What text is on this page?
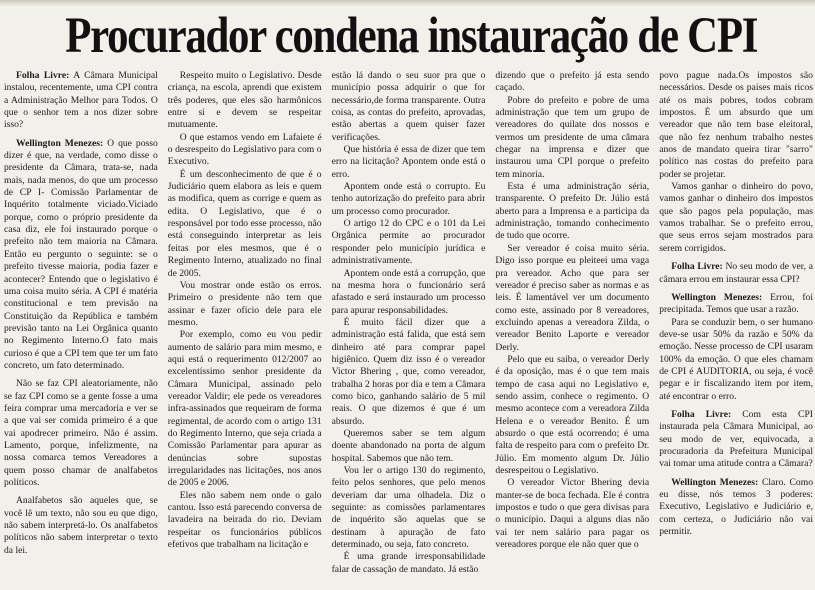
Procurador condena instauração de CPI

Folha Livre: A Câmara Municipal instalou, recentemente, uma CPI contra a Administração Melhor para Todos. O que o senhor tem a nos dizer sobre isso?

Wellington Menezes: O que posso dizer é que, na verdade, como disse o presidente da Câmara, trata-se, nada mais, nada menos, do que um processo de CP I- Comissão Parlamentar de Inquérito totalmente viciado.Viciado porque, como o próprio presidente da casa diz, ele foi instaurado porque o prefeito não tem maioria na Câmara. Então eu pergunto o seguinte: se o prefeito tivesse maioria, podia fazer e acontecer? Entendo que o legislativo é uma coisa muito séria. A CPI é matéria constitucional e tem previsão na Constituição da República e também previsão tanto na Lei Orgânica quanto no Regimento Interno.O fato mais curioso é que a CPI tem que ter um fato concreto, um fato determinado.

Não se faz CPI aleatoriamente, não se faz CPI como se a gente fosse a uma feira comprar uma mercadoria e ver se a que vai ser comida primeiro é a que vai apodrecer primeiro. Não é assim. Lamento, porque, infelizmente, na nossa comarca temos Vereadores a quem posso chamar de analfabetos políticos.

Analfabetos são aqueles que, se você lê um texto, não sou eu que digo, não sabem interpretá-lo. Os analfabetos políticos não sabem interpretar o texto da lei.

Respeito muito o Legislativo. Desde criança, na escola, aprendi que existem três poderes, que eles são harmônicos entre si e devem se respeitar mutuamente.

O que estamos vendo em Lafaiete é o desrespeito do Legislativo para com o Executivo.

É um desconhecimento de que é o Judiciário quem elabora as leis e quem as modifica, quem as corrige e quem as edita. O Legislativo, que é o responsável por todo esse processo, não está conseguindo interpretar as leis feitas por eles mesmos, que é o Regimento Interno, atualizado no final de 2005.

Vou mostrar onde estão os erros. Primeiro o presidente não tem que assinar e fazer ofício dele para ele mesmo.

Por exemplo, como eu vou pedir aumento de salário para mim mesmo, e aqui está o requerimento 012/2007 ao excelentíssimo senhor presidente da Câmara Municipal, assinado pelo vereador Valdir; ele pede os vereadores infra-assinados que requeiram de forma regimental, de acordo com o artigo 131 do Regimento Interno, que seja criada a Comissão Parlamentar para apurar as denúncias sobre supostas irregularidades nas licitações, nos anos de 2005 e 2006.

Eles não sabem nem onde o galo cantou. Isso está parecendo conversa de lavadeira na beirada do rio. Deviam respeitar os funcionários públicos efetivos que trabalham na licitação e

estão lá dando o seu suor pra que o município possa adquirir o que for necessário,de forma transparente. Outra coisa, as contas do prefeito, aprovadas, estão abertas a quem quiser fazer verificações.

Que história é essa de dizer que tem erro na licitação? Apontem onde está o erro.

Apontem onde está o corrupto. Eu tenho autorização do prefeito para abrir um processo como procurador.

O artigo 12 do CPC e o 101 da Lei Orgânica permite ao procurador responder pelo município jurídica e administrativamente.

Apontem onde está a corrupção, que na mesma hora o funcionário será afastado e será instaurado um processo para apurar responsabilidades.

É muito fácil dizer que a administração está falida, que está sem dinheiro até para comprar papel higiênico. Quem diz isso é o vereador Victor Bhering , que, como vereador, trabalha 2 horas por dia e tem a Câmara como bico, ganhando salário de 5 mil reais. O que dizemos é que é um absurdo.

Queremos saber se tem algum doente abandonado na porta de algum hospital. Sabemos que não tem.

Vou ler o artigo 130 do regimento, feito pelos senhores, que pelo menos deveriam dar uma olhadela. Diz o seguinte: as comissões parlamentares de inquérito são aquelas que se destinam à apuração de fato determinado, ou seja, fato concreto.

É uma grande irresponsabilidade falar de cassação de mandato. Já estão

dizendo que o prefeito já esta sendo caçado.

Pobre do prefeito e pobre de uma administração que tem um grupo de vereadores do quilate dos nossos e vermos um presidente de uma câmara chegar na imprensa e dizer que instaurou uma CPI porque o prefeito tem minoria.

Esta é uma administração séria, transparente. O prefeito Dr. Júlio está aberto para a Imprensa e a participa da administração, tomando conhecimento de tudo que ocorre.

Ser vereador é coisa muito séria. Digo isso porque eu pleiteei uma vaga pra vereador. Acho que para ser vereador é preciso saber as normas e as leis. É lamentável ver um documento como este, assinado por 8 vereadores, excluindo apenas a vereadora Zilda, o vereador Benito Laporte e vereador Derly.

Pelo que eu saiba, o vereador Derly é da oposição, mas é o que tem mais tempo de casa aqui no Legislativo e, sendo assim, conhece o regimento. O mesmo acontece com a vereadora Zilda Helena e o vereador Benito. É um absurdo o que está ocorrendo; é uma falta de respeito para com o prefeito Dr. Júlio. Em momento algum Dr. Júlio desrespeitou o Legislativo.

O vereador Victor Bhering devia manter-se de boca fechada. Ele é contra impostos e tudo o que gera divisas para o município. Daqui a alguns dias não vai ter nem salário para pagar os vereadores porque ele não quer que o

povo pague nada.Os impostos são necessários. Desde os países mais ricos até os mais pobres, todos cobram impostos. É um absurdo que um vereador que não tem base eleitoral, que não fez nenhum trabalho nestes anos de mandato queira tirar "sarro" político nas costas do prefeito para poder se projetar.

Vamos ganhar o dinheiro do povo, vamos ganhar o dinheiro dos impostos que são pagos pela população, mas vamos trabalhar. Se o prefeito errou, que seus erros sejam mostrados para serem corrigidos.

Folha Livre: No seu modo de ver, a câmara errou em instaurar essa CPI?

Wellington Menezes: Errou, foi precipitada. Temos que usar a razão.

Para se conduzir bem, o ser humano deve-se usar 50% da razão e 50% da emoção. Nesse processo de CPI usaram 100% da emoção. O que eles chamam de CPI é AUDITORIA, ou seja, é você pegar e ir fiscalizando item por item, até encontrar o erro.

Folha Livre: Com esta CPI instaurada pela Câmara Municipal, ao seu modo de ver, equivocada, a procuradoria da Prefeitura Municipal vai tomar uma atitude contra a Câmara?

Wellington Menezes: Claro. Como eu disse, nós temos 3 poderes: Executivo, Legislativo e Judiciário e, com certeza, o Judiciário não vai permitir.
